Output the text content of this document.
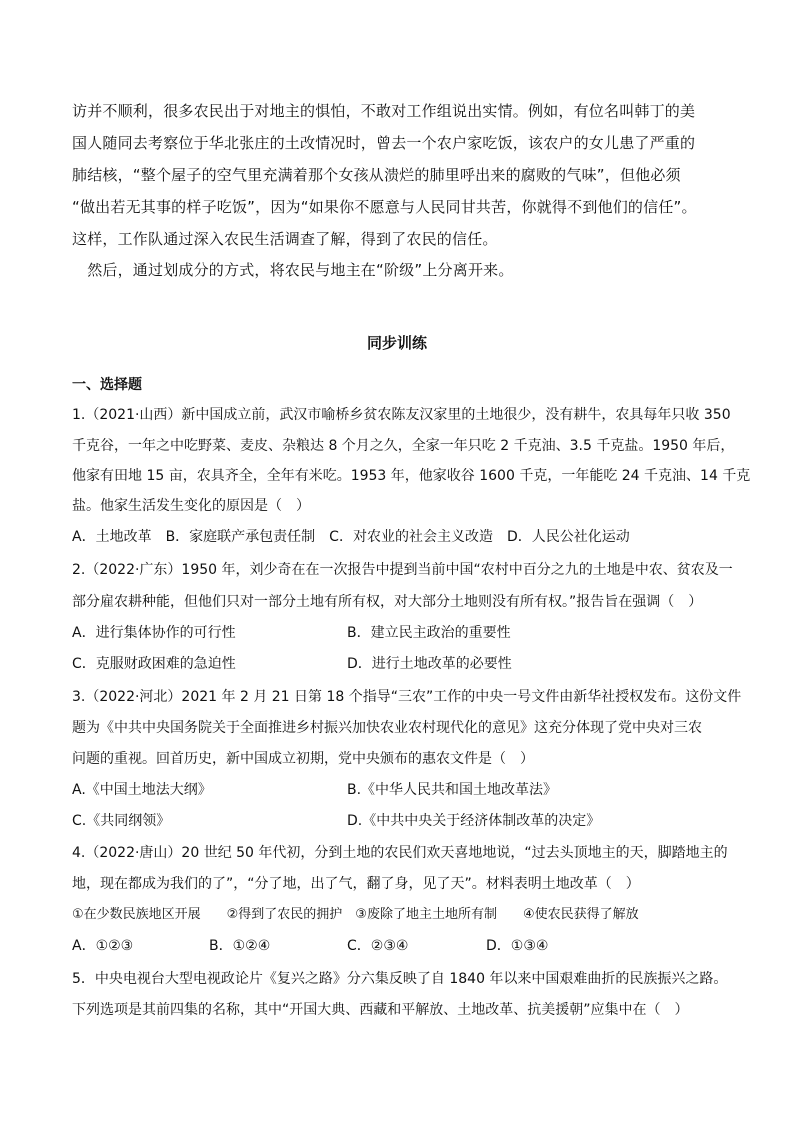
访并不顺利，很多农民出于对地主的惧怕，不敢对工作组说出实情。例如，有位名叫韩丁的美
国人随同去考察位于华北张庄的土改情况时，曾去一个农户家吃饭，该农户的女儿患了严重的
肺结核，“整个屋子的空气里充满着那个女孩从溃烂的肺里呼出来的腐败的气味”，但他必须
“做出若无其事的样子吃饭”，因为“如果你不愿意与人民同甘共苦，你就得不到他们的信任”。
这样，工作队通过深入农民生活调查了解，得到了农民的信任。
　然后，通过划成分的方式，将农民与地主在“阶级”上分离开来。
同步训练
一、选择题
1.（2021·山西）新中国成立前，武汉市喻桥乡贫农陈友汉家里的土地很少，没有耕牛，农具每年只收 350
千克谷，一年之中吃野菜、麦皮、杂粮达 8 个月之久，全家一年只吃 2 千克油、3.5 千克盐。1950 年后，
他家有田地 15 亩，农具齐全，全年有米吃。1953 年，他家收谷 1600 千克，一年能吃 24 千克油、14 千克
盐。他家生活发生变化的原因是（　）
A．土地改革　B．家庭联产承包责任制　C．对农业的社会主义改造　D．人民公社化运动
2.（2022·广东）1950 年，刘少奇在在一次报告中提到当前中国“农村中百分之九的土地是中农、贫农及一
部分雇农耕种能，但他们只对一部分土地有所有权，对大部分土地则没有所有权。”报告旨在强调（　）
A．进行集体协作的可行性	B．建立民主政治的重要性
C．克服财政困难的急迫性	D．进行土地改革的必要性
3.（2022·河北）2021 年 2 月 21 日第 18 个指导“三农”工作的中央一号文件由新华社授权发布。这份文件
题为《中共中央国务院关于全面推进乡村振兴加快农业农村现代化的意见》这充分体现了党中央对三农
问题的重视。回首历史，新中国成立初期，党中央颁布的惠农文件是（　）
A.《中国土地法大纲》	B.《中华人民共和国土地改革法》
C.《共同纲领》	D.《中共中央关于经济体制改革的决定》
4.（2022·唐山）20 世纪 50 年代初，分到土地的农民们欢天喜地地说，“过去头顶地主的天，脚踏地主的
地，现在都成为我们的了”，“分了地，出了气，翻了身，见了天”。材料表明土地改革（　）
①在少数民族地区开展　　②得到了农民的拥护　③废除了地主土地所有制　　④使农民获得了解放
A．①②③	B．①②④	C．②③④	D．①③④
5．中央电视台大型电视政论片《复兴之路》分六集反映了自 1840 年以来中国艰难曲折的民族振兴之路。
下列选项是其前四集的名称，其中“开国大典、西藏和平解放、土地改革、抗美援朝”应集中在（　）
